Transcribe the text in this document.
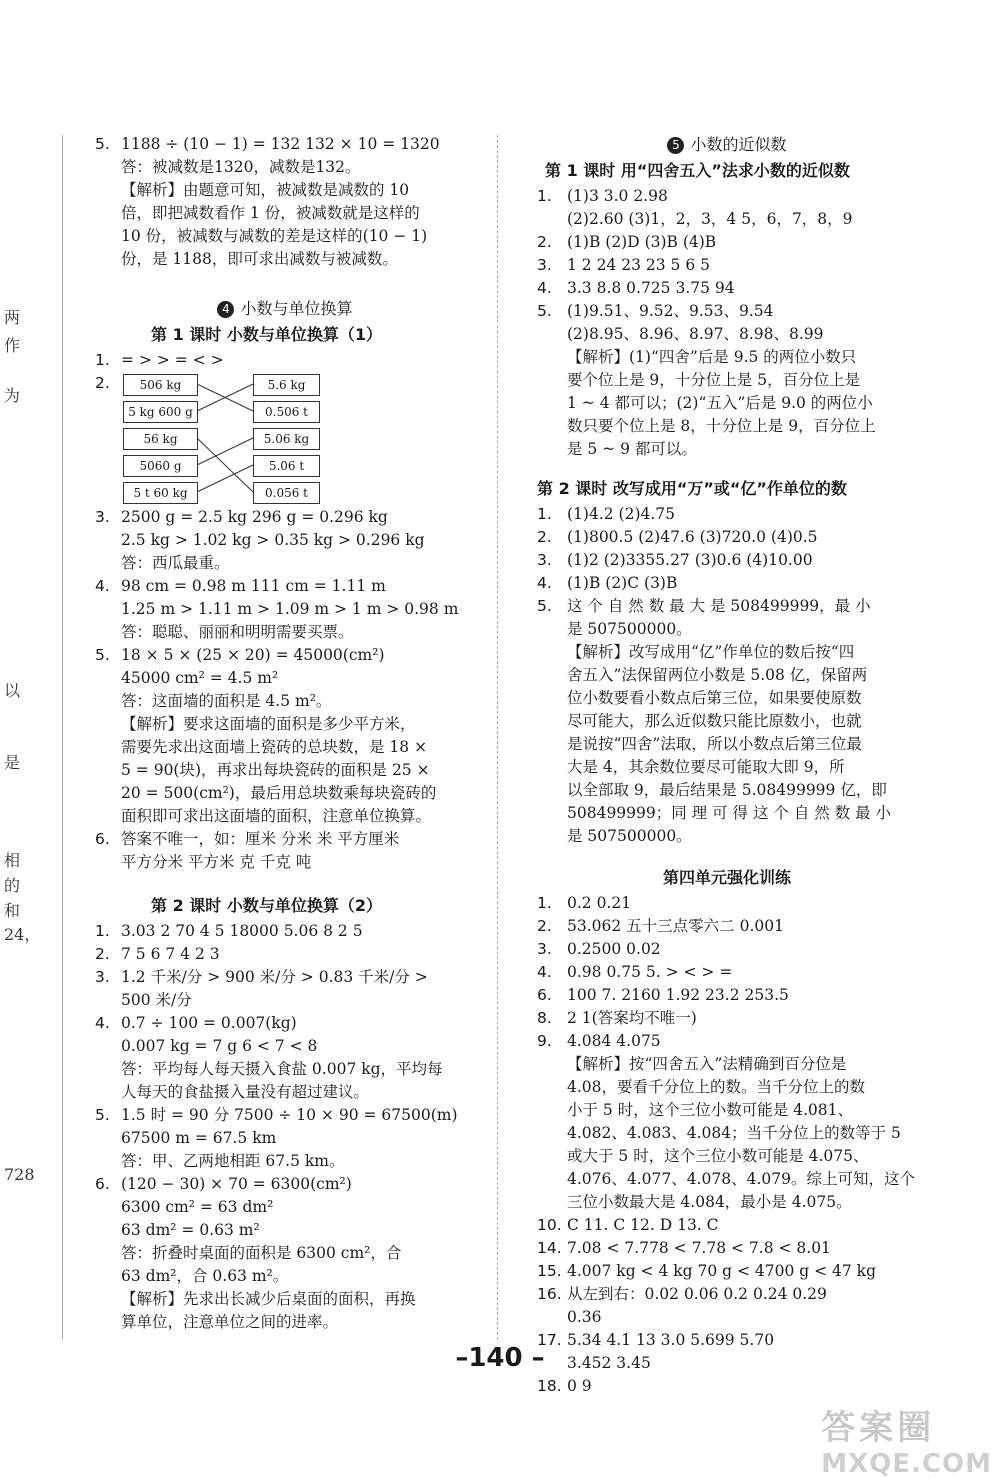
两
作
为
以
是
相
的
和
24，
728
5. 1188 ÷ (10 − 1) = 132 132 × 10 = 1320
答：被减数是1320，减数是132。
【解析】由题意可知，被减数是减数的 10
倍，即把减数看作 1 份，被减数就是这样的
10 份，被减数与减数的差是这样的(10 − 1)
份，是 1188，即可求出减数与被减数。
4 小数与单位换算
第 1 课时 小数与单位换算（1）
1. = > > = < >
2.	506 kg
5 kg 600 g
56 kg
5060 g
5 t 60 kg
5.6 kg
0.506 t
5.06 kg
5.06 t
0.056 t
3. 2500 g = 2.5 kg 296 g = 0.296 kg
2.5 kg > 1.02 kg > 0.35 kg > 0.296 kg
答：西瓜最重。
4. 98 cm = 0.98 m 111 cm = 1.11 m
1.25 m > 1.11 m > 1.09 m > 1 m > 0.98 m
答：聪聪、丽丽和明明需要买票。
5. 18 × 5 × (25 × 20) = 45000(cm²)
45000 cm² = 4.5 m²
答：这面墙的面积是 4.5 m²。
【解析】要求这面墙的面积是多少平方米，
需要先求出这面墙上瓷砖的总块数，是 18 ×
5 = 90(块)，再求出每块瓷砖的面积是 25 ×
20 = 500(cm²)，最后用总块数乘每块瓷砖的
面积即可求出这面墙的面积，注意单位换算。
6. 答案不唯一，如：厘米 分米 米 平方厘米
平方分米 平方米 克 千克 吨
第 2 课时 小数与单位换算（2）
1. 3.03 2 70 4 5 18000 5.06 8 2 5
2. 7 5 6 7 4 2 3
3. 1.2 千米/分 > 900 米/分 > 0.83 千米/分 >
500 米/分
4. 0.7 ÷ 100 = 0.007(kg)
0.007 kg = 7 g 6 < 7 < 8
答：平均每人每天摄入食盐 0.007 kg，平均每
人每天的食盐摄入量没有超过建议。
5. 1.5 时 = 90 分 7500 ÷ 10 × 90 = 67500(m)
67500 m = 67.5 km
答：甲、乙两地相距 67.5 km。
6. (120 − 30) × 70 = 6300(cm²)
6300 cm² = 63 dm²
63 dm² = 0.63 m²
答：折叠时桌面的面积是 6300 cm²，合
63 dm²，合 0.63 m²。
【解析】先求出长减少后桌面的面积，再换
算单位，注意单位之间的进率。
5 小数的近似数
第 1 课时 用“四舍五入”法求小数的近似数
1. (1)3 3.0 2.98
(2)2.60 (3)1，2，3，4 5，6，7，8，9
2. (1)B (2)D (3)B (4)B
3. 1 2 24 23 23 5 6 5
4. 3.3 8.8 0.725 3.75 94
5. (1)9.51、9.52、9.53、9.54
(2)8.95、8.96、8.97、8.98、8.99
【解析】(1)“四舍”后是 9.5 的两位小数只
要个位上是 9，十分位上是 5，百分位上是
1 ~ 4 都可以；(2)“五入”后是 9.0 的两位小
数只要个位上是 8，十分位上是 9，百分位上
是 5 ~ 9 都可以。
第 2 课时 改写成用“万”或“亿”作单位的数
1. (1)4.2 (2)4.75
2. (1)800.5 (2)47.6 (3)720.0 (4)0.5
3. (1)2 (2)3355.27 (3)0.6 (4)10.00
4. (1)B (2)C (3)B
5. 这 个 自 然 数 最 大 是 508499999，最 小
是 507500000。
【解析】改写成用“亿”作单位的数后按“四
舍五入”法保留两位小数是 5.08 亿，保留两
位小数要看小数点后第三位，如果要使原数
尽可能大，那么近似数只能比原数小，也就
是说按“四舍”法取，所以小数点后第三位最
大是 4，其余数位要尽可能取大即 9，所
以全部取 9，最后结果是 5.08499999 亿，即
508499999；同 理 可 得 这 个 自 然 数 最 小
是 507500000。
第四单元强化训练
1. 0.2 0.21
2. 53.062 五十三点零六二 0.001
3. 0.2500 0.02
4. 0.98 0.75 5. > < > =
6. 100 7. 2160 1.92 23.2 253.5
8. 2 1(答案均不唯一)
9. 4.084 4.075
【解析】按“四舍五入”法精确到百分位是
4.08，要看千分位上的数。当千分位上的数
小于 5 时，这个三位小数可能是 4.081、
4.082、4.083、4.084；当千分位上的数等于 5
或大于 5 时，这个三位小数可能是 4.075、
4.076、4.077、4.078、4.079。综上可知，这个
三位小数最大是 4.084，最小是 4.075。
10. C 11. C 12. D 13. C
14. 7.08 < 7.778 < 7.78 < 7.8 < 8.01
15. 4.007 kg < 4 kg 70 g < 4700 g < 47 kg
16. 从左到右：0.02 0.06 0.2 0.24 0.29
0.36
17. 5.34 4.1 13 3.0 5.699 5.70
3.452 3.45
18. 0 9
–140 –
答案圈
MXQE.COM
